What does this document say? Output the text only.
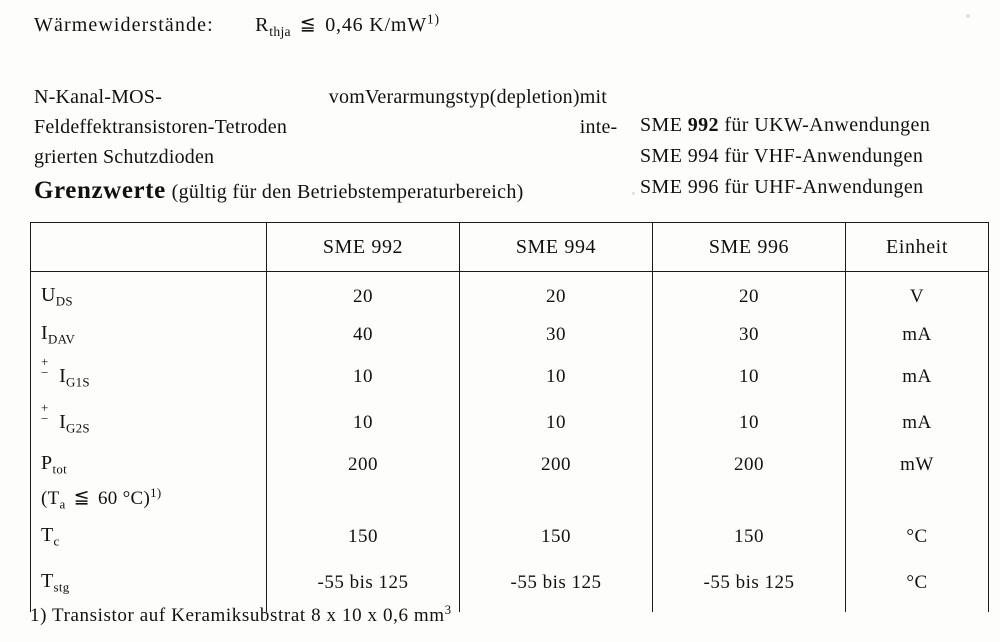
Wärmewiderstände: $R_{thja}$ ≦ 0,46 $K/mW^{1)}$
N-Kanal-MOS-Feldeffektransistoren-Tetroden
vom Verarmungstyp (depletion) mit inte-
grierten Schutzdioden
SME 992 für UKW-Anwendungen
SME 994 für VHF-Anwendungen
SME 996 für UHF-Anwendungen
Grenzwerte (gültig für den Betriebstemperaturbereich)
	SME 992	SME 994	SME 996	Einheit
$U_{DS}$	20	20	20	V
$I_{DAV}$	40	30	30	mA

+
− $I_{G1S}$	10	10	10	mA

+
− $I_{G2S}$	10	10	10	mA
$P_{tot}$	200	200	200	mW
($T_a$ ≦ 60 °C)$^{1)}$				
$T_c$	150	150	150	°C
$T_{stg}$	-55 bis 125	-55 bis 125	-55 bis 125	°C
1) Transistor auf Keramiksubstrat 8 x 10 x 0,6 $mm^3$
